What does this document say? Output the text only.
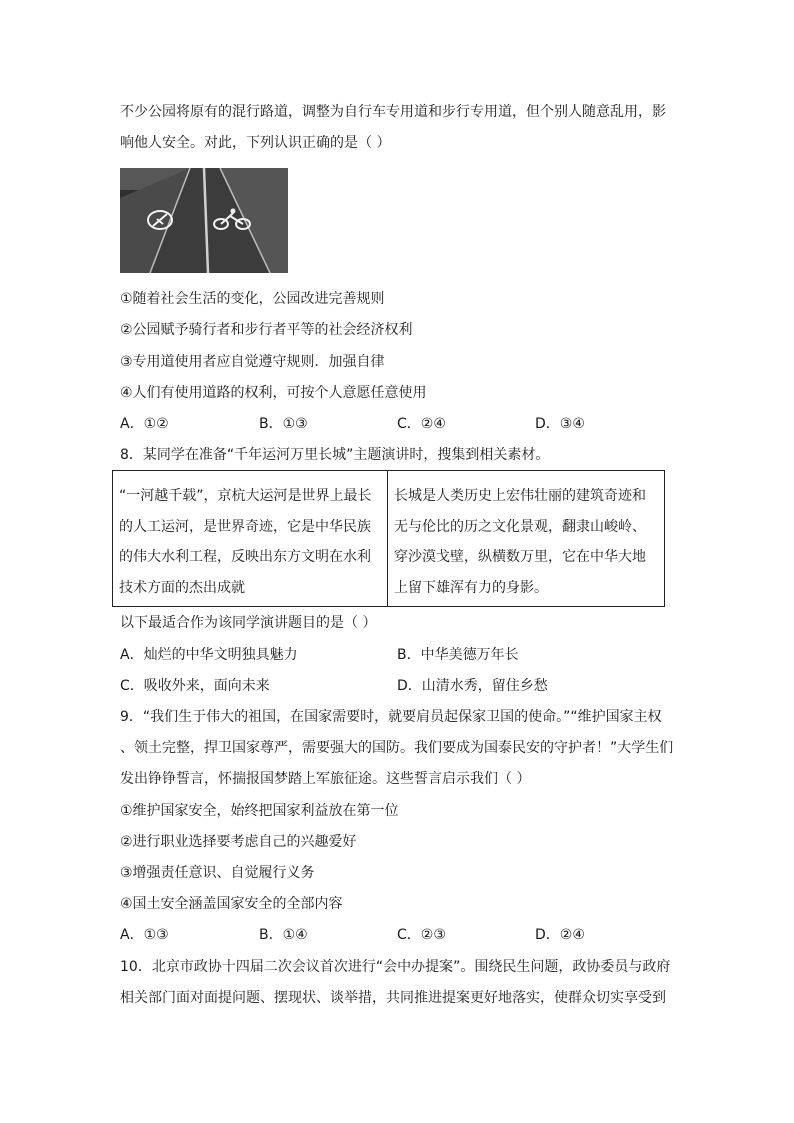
不少公园将原有的混行路道，调整为自行车专用道和步行专用道，但个别人随意乱用，影
响他人安全。对此，下列认识正确的是（ ）
①随着社会生活的变化，公园改进完善规则
②公园赋予骑行者和步行者平等的社会经济权利
③专用道使用者应自觉遵守规则．加强自律
④人们有使用道路的权利，可按个人意愿任意使用
A．①②	B．①③	C．②④	D．③④
8．某同学在准备“千年运河万里长城”主题演讲时，搜集到相关素材。
“一河越千载”，京杭大运河是世界上最长
的人工运河，是世界奇迹，它是中华民族
的伟大水利工程，反映出东方文明在水利
技术方面的杰出成就

长城是人类历史上宏伟壮丽的建筑奇迹和
无与伦比的历之文化景观，翻隶山峻岭、
穿沙漠戈壁，纵横数万里，它在中华大地
上留下雄浑有力的身影。
以下最适合作为该同学演讲题目的是（ ）
A．灿烂的中华文明独具魅力	B．中华美德万年长
C．吸收外来，面向未来	D．山清水秀，留住乡愁
9．“我们生于伟大的祖国，在国家需要时，就要肩员起保家卫国的使命。”“维护国家主权
、领土完整，捍卫国家尊严，需要强大的国防。我们要成为国泰民安的守护者！”大学生们
发出铮铮誓言，怀揣报国梦踏上军旅征途。这些誓言启示我们（ ）
①维护国家安全，始终把国家利益放在第一位
②进行职业选择要考虑自己的兴趣爱好
③增强责任意识、自觉履行义务
④国土安全涵盖国家安全的全部内容
A．①③	B．①④	C．②③	D．②④
10．北京市政协十四届二次会议首次进行“会中办提案”。围绕民生问题，政协委员与政府
相关部门面对面提问题、摆现状、谈举措，共同推进提案更好地落实，使群众切实享受到
